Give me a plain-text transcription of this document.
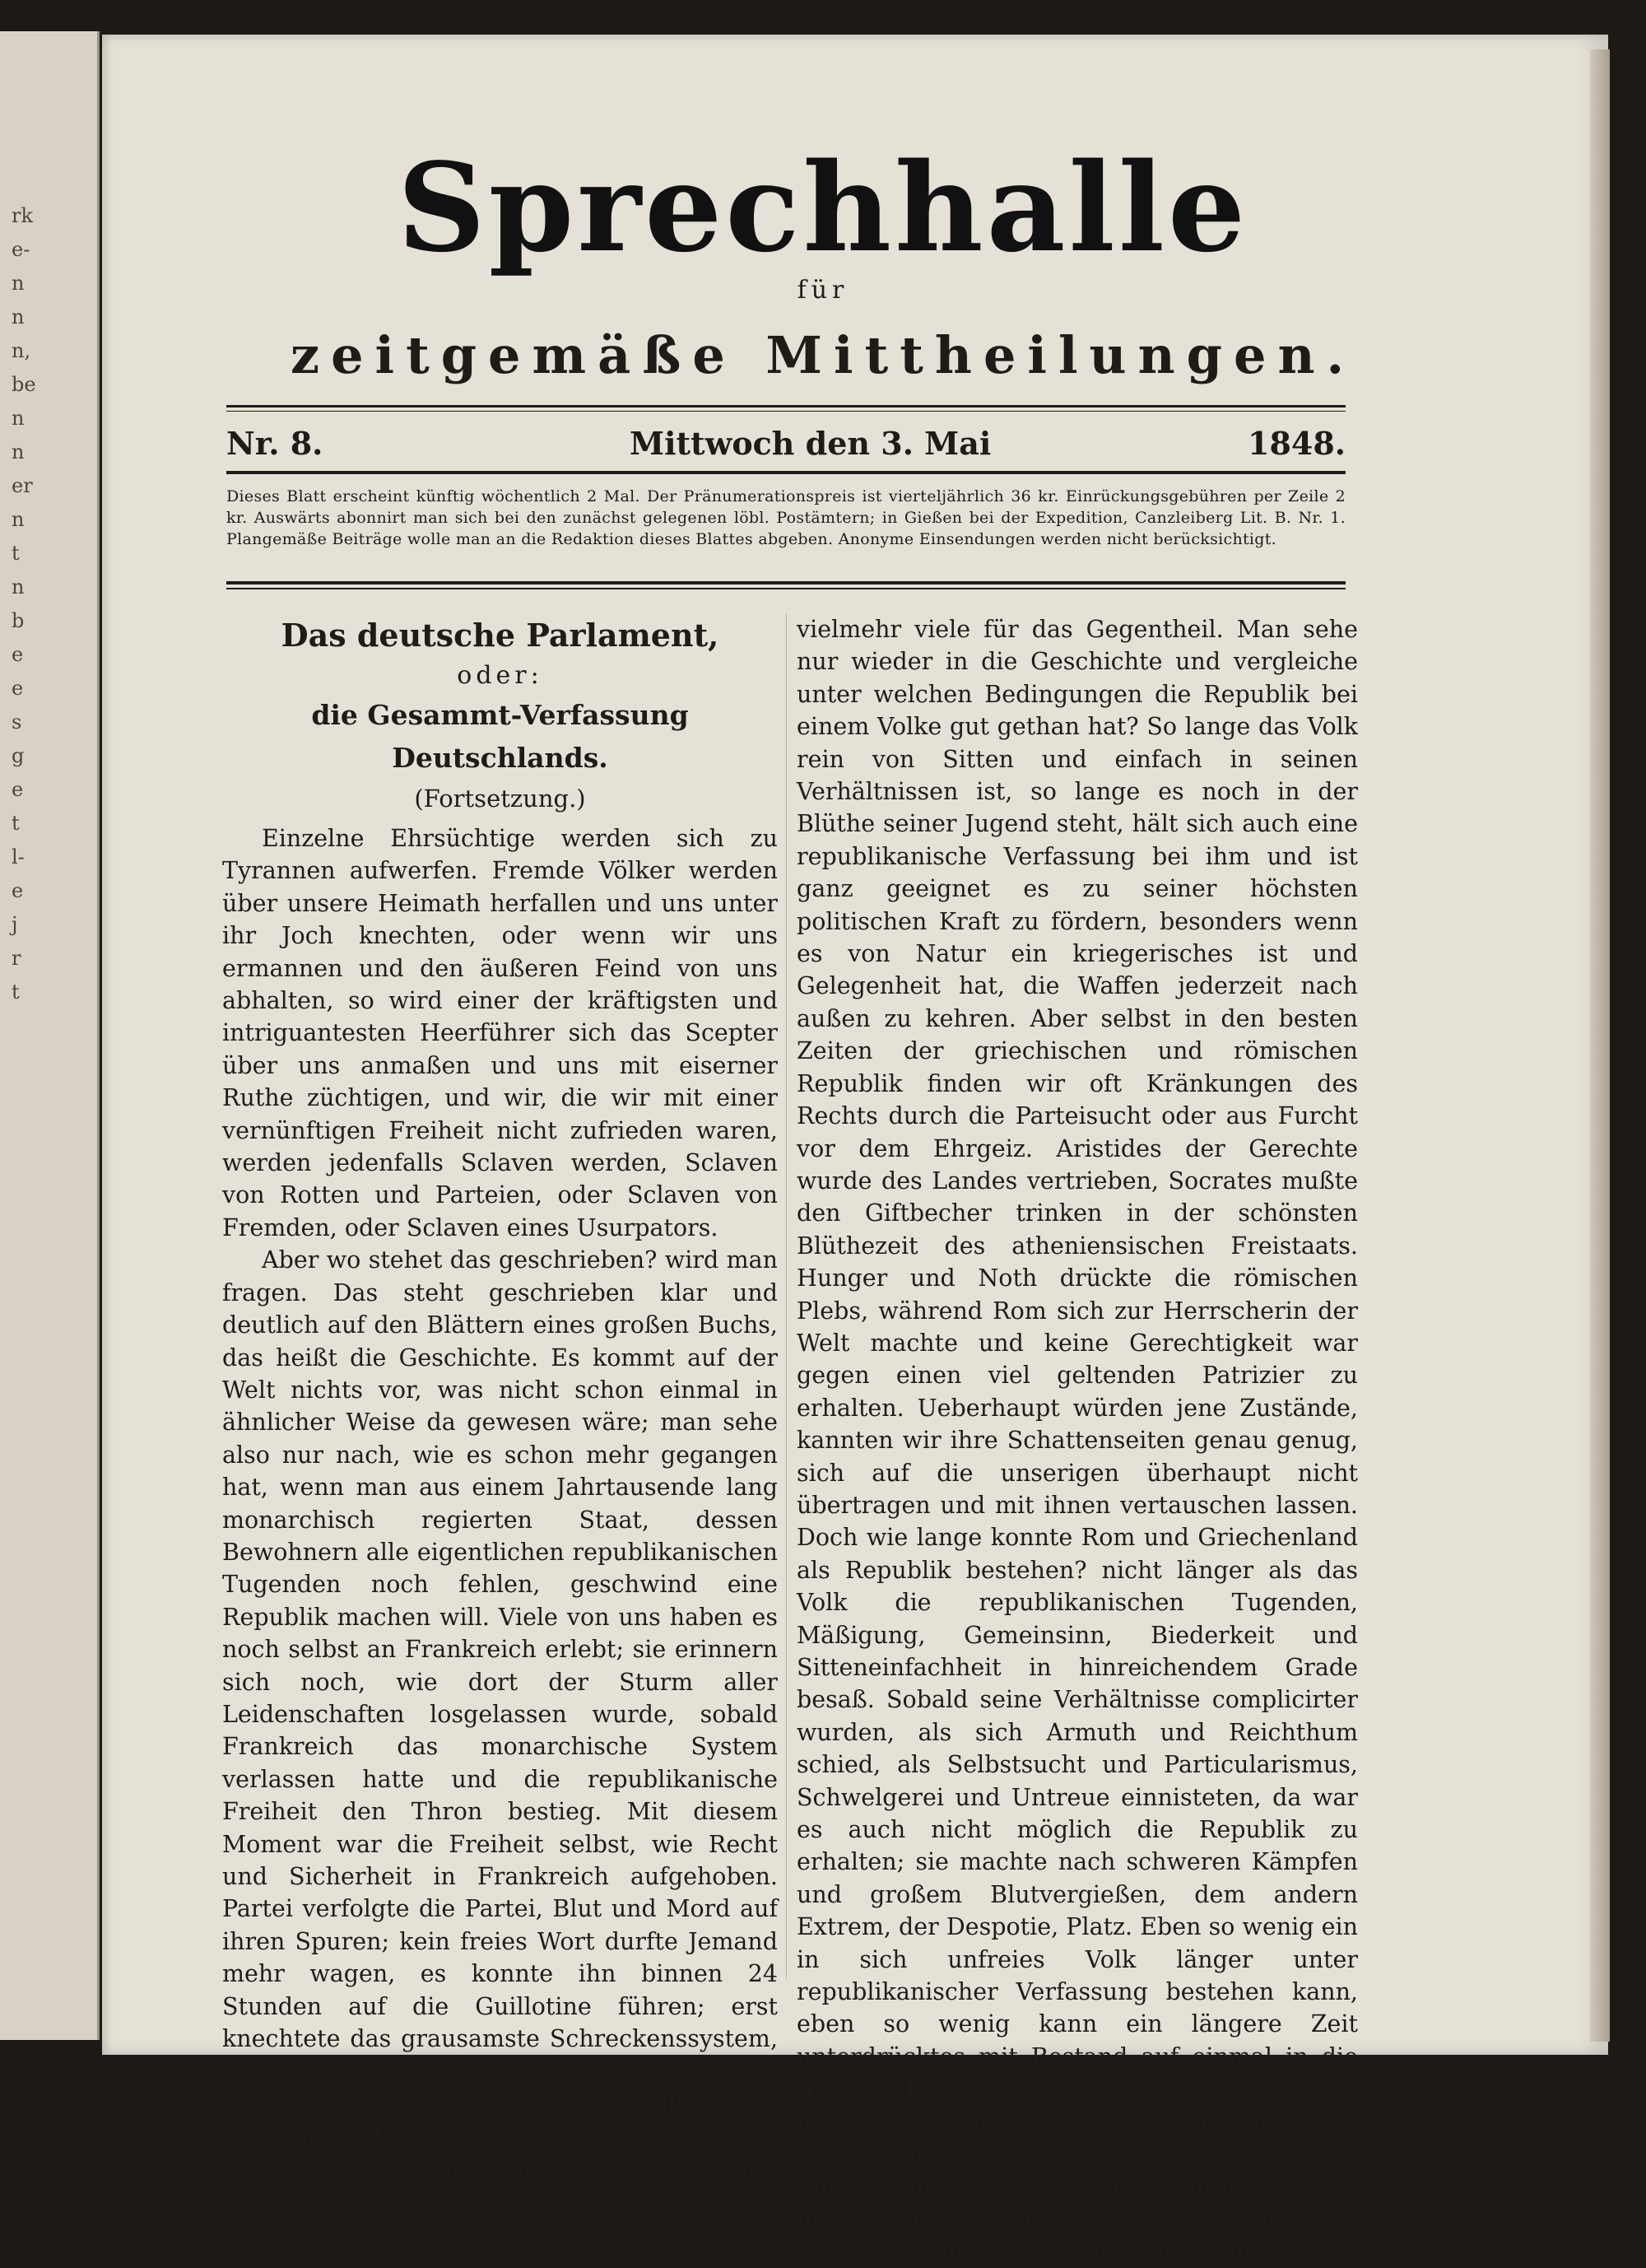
rk
e-
n
n
n,
be
n
n
er
n
t
n
b
e
e
s
g
e
t
l-
e
j
r
t
Sprechhalle
für
zeitgemäße Mittheilungen.
Nr. 8.	Mittwoch den 3. Mai	1848.
Dieses Blatt erscheint künftig wöchentlich 2 Mal. Der Pränumerationspreis ist vierteljährlich 36 kr. Einrückungsgebühren per Zeile 2 kr. Auswärts abonnirt man sich bei den zunächst gelegenen löbl. Postämtern; in Gießen bei der Expedition, Canzleiberg Lit. B. Nr. 1. Plangemäße Beiträge wolle man an die Redaktion dieses Blattes abgeben. Anonyme Einsendungen werden nicht berücksichtigt.

Das deutsche Parlament,

oder:

die Gesammt-Verfassung Deutschlands.

(Fortsetzung.)

Einzelne Ehrsüchtige werden sich zu Tyrannen aufwerfen. Fremde Völker werden über unsere Heimath herfallen und uns unter ihr Joch knechten, oder wenn wir uns ermannen und den äußeren Feind von uns abhalten, so wird einer der kräftigsten und intriguantesten Heerführer sich das Scepter über uns anmaßen und uns mit eiserner Ruthe züchtigen, und wir, die wir mit einer vernünftigen Freiheit nicht zufrieden waren, werden jedenfalls Sclaven werden, Sclaven von Rotten und Parteien, oder Sclaven von Fremden, oder Sclaven eines Usurpators.

Aber wo stehet das geschrieben? wird man fragen. Das steht geschrieben klar und deutlich auf den Blättern eines großen Buchs, das heißt die Geschichte. Es kommt auf der Welt nichts vor, was nicht schon einmal in ähnlicher Weise da gewesen wäre; man sehe also nur nach, wie es schon mehr gegangen hat, wenn man aus einem Jahrtausende lang monarchisch regierten Staat, dessen Bewohnern alle eigentlichen republikanischen Tugenden noch fehlen, geschwind eine Republik machen will. Viele von uns haben es noch selbst an Frankreich erlebt; sie erinnern sich noch, wie dort der Sturm aller Leidenschaften losgelassen wurde, sobald Frankreich das monarchische System verlassen hatte und die republikanische Freiheit den Thron bestieg. Mit diesem Moment war die Freiheit selbst, wie Recht und Sicherheit in Frankreich aufgehoben. Partei verfolgte die Partei, Blut und Mord auf ihren Spuren; kein freies Wort durfte Jemand mehr wagen, es konnte ihn binnen 24 Stunden auf die Guillotine führen; erst knechtete das grausamste Schreckenssystem, dann ein übermüthiger Soldat die Franzosen. Das war der Segen der Republik! Sollte es bei uns wohl viel anders gehen? Sollte unser Volk viel reifer seyn zur republikanischen Verfassung als es die Franzosen 1792 waren? Bis jetzt haben wir keine Beweise hierfür

vielmehr viele für das Gegentheil. Man sehe nur wieder in die Geschichte und vergleiche unter welchen Bedingungen die Republik bei einem Volke gut gethan hat? So lange das Volk rein von Sitten und einfach in seinen Verhältnissen ist, so lange es noch in der Blüthe seiner Jugend steht, hält sich auch eine republikanische Verfassung bei ihm und ist ganz geeignet es zu seiner höchsten politischen Kraft zu fördern, besonders wenn es von Natur ein kriegerisches ist und Gelegenheit hat, die Waffen jederzeit nach außen zu kehren. Aber selbst in den besten Zeiten der griechischen und römischen Republik finden wir oft Kränkungen des Rechts durch die Parteisucht oder aus Furcht vor dem Ehrgeiz. Aristides der Gerechte wurde des Landes vertrieben, Socrates mußte den Giftbecher trinken in der schönsten Blüthezeit des atheniensischen Freistaats. Hunger und Noth drückte die römischen Plebs, während Rom sich zur Herrscherin der Welt machte und keine Gerechtigkeit war gegen einen viel geltenden Patrizier zu erhalten. Ueberhaupt würden jene Zustände, kannten wir ihre Schattenseiten genau genug, sich auf die unserigen überhaupt nicht übertragen und mit ihnen vertauschen lassen. Doch wie lange konnte Rom und Griechenland als Republik bestehen? nicht länger als das Volk die republikanischen Tugenden, Mäßigung, Gemeinsinn, Biederkeit und Sitteneinfachheit in hinreichendem Grade besaß. Sobald seine Verhältnisse complicirter wurden, als sich Armuth und Reichthum schied, als Selbstsucht und Particularismus, Schwelgerei und Untreue einnisteten, da war es auch nicht möglich die Republik zu erhalten; sie machte nach schweren Kämpfen und großem Blutvergießen, dem andern Extrem, der Despotie, Platz. Eben so wenig ein in sich unfreies Volk länger unter republikanischer Verfassung bestehen kann, eben so wenig kann ein längere Zeit unterdrücktes mit Bestand auf einmal in die freieste Form des Staates in die Republik übergehen. Alle die, welche behaupten, die Deutschen seyen bisher so sehr von ihren Fürsten in der Sclaverei gehalten worden, mußten daher schon von selbst gegen den Freistaat stimmen, weil das Volk dann
